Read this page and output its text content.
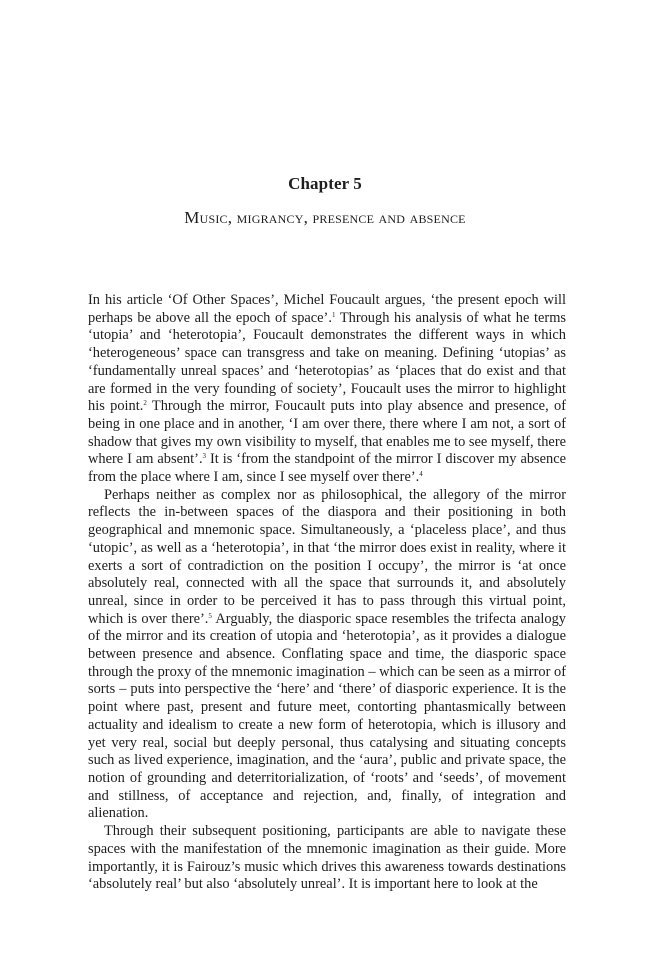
Chapter 5
Music, migrancy, presence and absence

In his article ‘Of Other Spaces’, Michel Foucault argues, ‘the present epoch will perhaps be above all the epoch of space’.$^1$ Through his analysis of what he terms ‘utopia’ and ‘heterotopia’, Foucault demonstrates the different ways in which ‘heterogeneous’ space can transgress and take on meaning. Defining ‘utopias’ as ‘fundamentally unreal spaces’ and ‘heterotopias’ as ‘places that do exist and that are formed in the very founding of society’, Foucault uses the mirror to highlight his point.$^2$ Through the mirror, Foucault puts into play absence and presence, of being in one place and in another, ‘I am over there, there where I am not, a sort of shadow that gives my own visibility to myself, that enables me to see myself, there where I am absent’.$^3$ It is ‘from the standpoint of the mirror I discover my absence from the place where I am, since I see myself over there’.$^4$

Perhaps neither as complex nor as philosophical, the allegory of the mirror reflects the in-between spaces of the diaspora and their positioning in both geographical and mnemonic space. Simultaneously, a ‘placeless place’, and thus ‘utopic’, as well as a ‘heterotopia’, in that ‘the mirror does exist in reality, where it exerts a sort of contradiction on the position I occupy’, the mirror is ‘at once absolutely real, connected with all the space that surrounds it, and absolutely unreal, since in order to be perceived it has to pass through this virtual point, which is over there’.$^5$ Arguably, the diasporic space resembles the trifecta analogy of the mirror and its creation of utopia and ‘heterotopia’, as it provides a dialogue between presence and absence. Conflating space and time, the diasporic space through the proxy of the mnemonic imagination – which can be seen as a mirror of sorts – puts into perspective the ‘here’ and ‘there’ of diasporic experience. It is the point where past, present and future meet, contorting phantasmically between actuality and idealism to create a new form of heterotopia, which is illusory and yet very real, social but deeply personal, thus catalysing and situating concepts such as lived experience, imagination, and the ‘aura’, public and private space, the notion of grounding and deterritorialization, of ‘roots’ and ‘seeds’, of movement and stillness, of acceptance and rejection, and, finally, of integration and alienation.

Through their subsequent positioning, participants are able to navigate these spaces with the manifestation of the mnemonic imagination as their guide. More importantly, it is Fairouz’s music which drives this awareness towards destinations ‘absolutely real’ but also ‘absolutely unreal’. It is important here to look at the
